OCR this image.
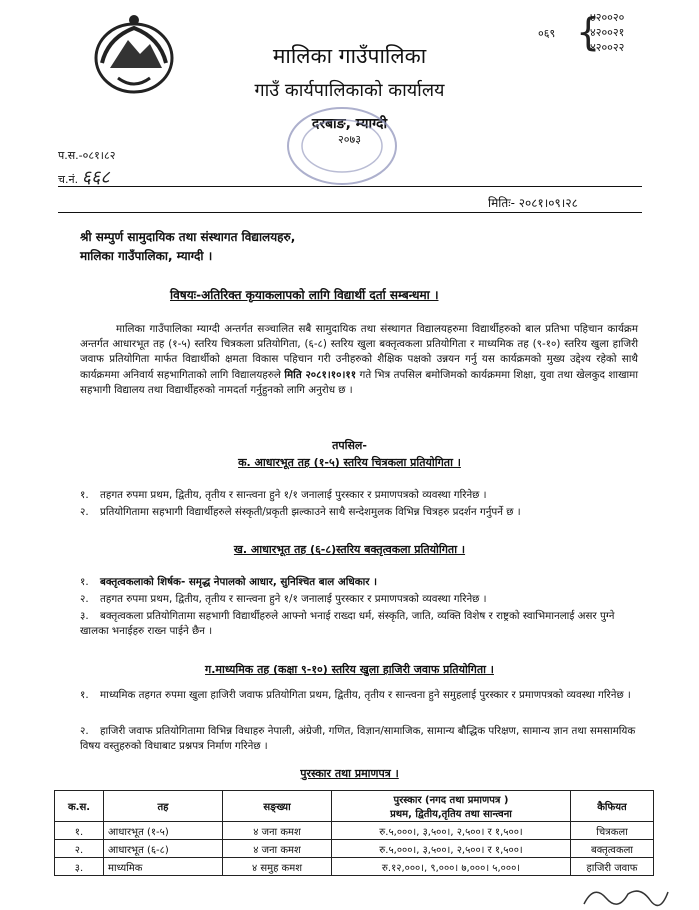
मालिका गाउँपालिका
गाउँ कार्यपालिकाको कार्यालय
दरबाङ, म्याग्दी
२०७३
०६९ {
४२००२०
४२००२१
४२००२२
प.स.-०८१।८२
च.नं. ६६८
मितिः- २०८१।०९।२८
श्री सम्पुर्ण सामुदायिक तथा संस्थागत विद्यालयहरु,
मालिका गाउँपालिका, म्याग्दी ।
विषयः-अतिरिक्त कृयाकलापको लागि विद्यार्थी दर्ता सम्बन्धमा ।
मालिका गाउँपालिका म्याग्दी अन्तर्गत सञ्चालित सबै सामुदायिक तथा संस्थागत विद्यालयहरुमा विद्यार्थीहरुको बाल प्रतिभा पहिचान कार्यक्रम अन्तर्गत आधारभूत तह (१-५) स्तरिय चित्रकला प्रतियोगिता, (६-८) स्तरिय खुला बक्तृत्वकला प्रतियोगिता र माध्यमिक तह (९-१०) स्तरिय खुला हाजिरी जवाफ प्रतियोगिता मार्फत विद्यार्थीको क्षमता विकास पहिचान गरी उनीहरुको शैक्षिक पक्षको उन्नयन गर्नु यस कार्यक्रमको मुख्य उद्देश्य रहेको साथै कार्यक्रममा अनिवार्य सहभागिताको लागि विद्यालयहरुले मिति २०८१।१०।११ गते भित्र तपसिल बमोजिमको कार्यक्रममा शिक्षा, युवा तथा खेलकुद शाखामा सहभागी विद्यालय तथा विद्यार्थीहरुको नामदर्ता गर्नुहुनको लागि अनुरोध छ ।
तपसिल-
क. आधारभूत तह (१-५) स्तरिय चित्रकला प्रतियोगिता ।
१. तहगत रुपमा प्रथम, द्वितीय, तृतीय र सान्त्वना हुने १/१ जनालाई पुरस्कार र प्रमाणपत्रको व्यवस्था गरिनेछ ।
२. प्रतियोगितामा सहभागी विद्यार्थीहरुले संस्कृती/प्रकृती झल्काउने साथै सन्देशमुलक विभिन्न चित्रहरु प्रदर्शन गर्नुपर्ने छ ।
ख. आधारभूत तह (६-८)स्तरिय बक्तृत्वकला प्रतियोगिता ।
१. बक्तृत्वकलाको शिर्षक- समृद्ध नेपालको आधार, सुनिश्चित बाल अधिकार ।
२. तहगत रुपमा प्रथम, द्वितीय, तृतीय र सान्त्वना हुने १/१ जनालाई पुरस्कार र प्रमाणपत्रको व्यवस्था गरिनेछ ।
३. बक्तृत्वकला प्रतियोगितामा सहभागी विद्यार्थीहरुले आफ्नो भनाई राख्दा धर्म, संस्कृति, जाति, व्यक्ति विशेष र राष्ट्रको स्वाभिमानलाई असर पुग्ने खालका भनाईहरु राख्न पाईने छैन ।
ग.माध्यमिक तह (कक्षा ९-१०) स्तरिय खुला हाजिरी जवाफ प्रतियोगिता ।
१. माध्यमिक तहगत रुपमा खुला हाजिरी जवाफ प्रतियोगिता प्रथम, द्वितीय, तृतीय र सान्त्वना हुने समुहलाई पुरस्कार र प्रमाणपत्रको व्यवस्था गरिनेछ ।
२. हाजिरी जवाफ प्रतियोगितामा विभिन्न विधाहरु नेपाली, अंग्रेजी, गणित, विज्ञान/सामाजिक, सामान्य बौद्धिक परिक्षण, सामान्य ज्ञान तथा समसामयिक विषय वस्तुहरुको विधाबाट प्रश्नपत्र निर्माण गरिनेछ ।
पुरस्कार तथा प्रमाणपत्र ।
क.स.	तह	सङ्ख्या	पुरस्कार (नगद तथा प्रमाणपत्र )
प्रथम, द्वितीय,तृतिय तथा सान्त्वना	कैफियत
१.	आधारभूत (१-५)	४ जना कमश	रु.५,०००।, ३,५००।, २,५००। र १,५००।	चित्रकला
२.	आधारभूत (६-८)	४ जना कमश	रु.५,०००।, ३,५००।, २,५००। र १,५००।	बक्तृत्वकला
३.	माध्यमिक	४ समुह कमश	रु.१२,०००।, ९,०००। ७,०००। ५,०००।	हाजिरी जवाफ
